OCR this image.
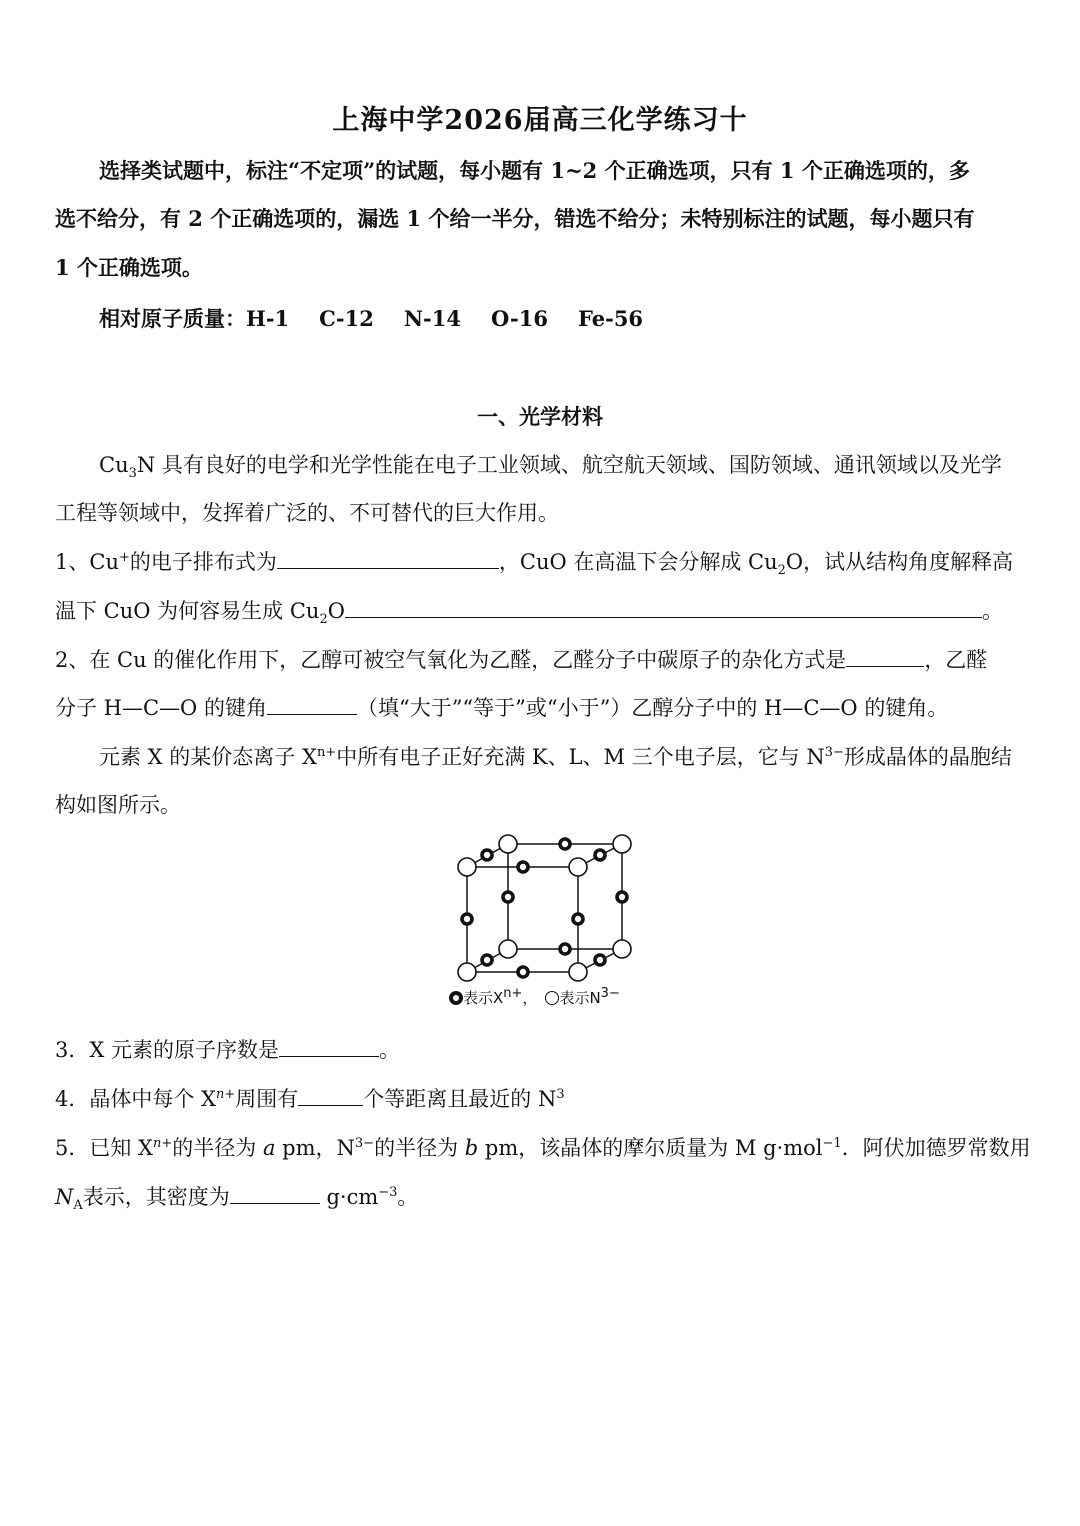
上海中学2026届高三化学练习十
选择类试题中，标注“不定项”的试题，每小题有 1~2 个正确选项，只有 1 个正确选项的，多
选不给分，有 2 个正确选项的，漏选 1 个给一半分，错选不给分；未特别标注的试题，每小题只有
1 个正确选项。
相对原子质量：H-1 C-12 N-14 O-16 Fe-56
一、光学材料
$Cu_3N$ 具有良好的电学和光学性能在电子工业领域、航空航天领域、国防领域、通讯领域以及光学
工程等领域中，发挥着广泛的、不可替代的巨大作用。
1、Cu+的电子排布式为	，CuO 在高温下会分解成 $Cu_2O$，试从结构角度解释高
温下 CuO 为何容易生成 $Cu_2O$	。
2、在 Cu 的催化作用下，乙醇可被空气氧化为乙醛，乙醛分子中碳原子的杂化方式是	，乙醛
分子 H—C—O 的键角	（填“大于”“等于”或“小于”）乙醇分子中的 H—C—O 的键角。
元素 X 的某价态离子 $X^{n+}$中所有电子正好充满 K、L、M 三个电子层，它与 $N^{3-}$形成晶体的晶胞结
构如图所示。
表示$X^{n+}$， 表示$N^{3-}$
3．X 元素的原子序数是	。
4．晶体中每个 $X^{n+}$周围有	个等距离且最近的 $N^3$
5．已知 $X^{n+}$的半径为 a pm，$N^{3-}$的半径为 b pm，该晶体的摩尔质量为 M g·mol$^{-1}$．阿伏加德罗常数用
$N_A$表示，其密度为	$g\cdot cm^{-3}$。
